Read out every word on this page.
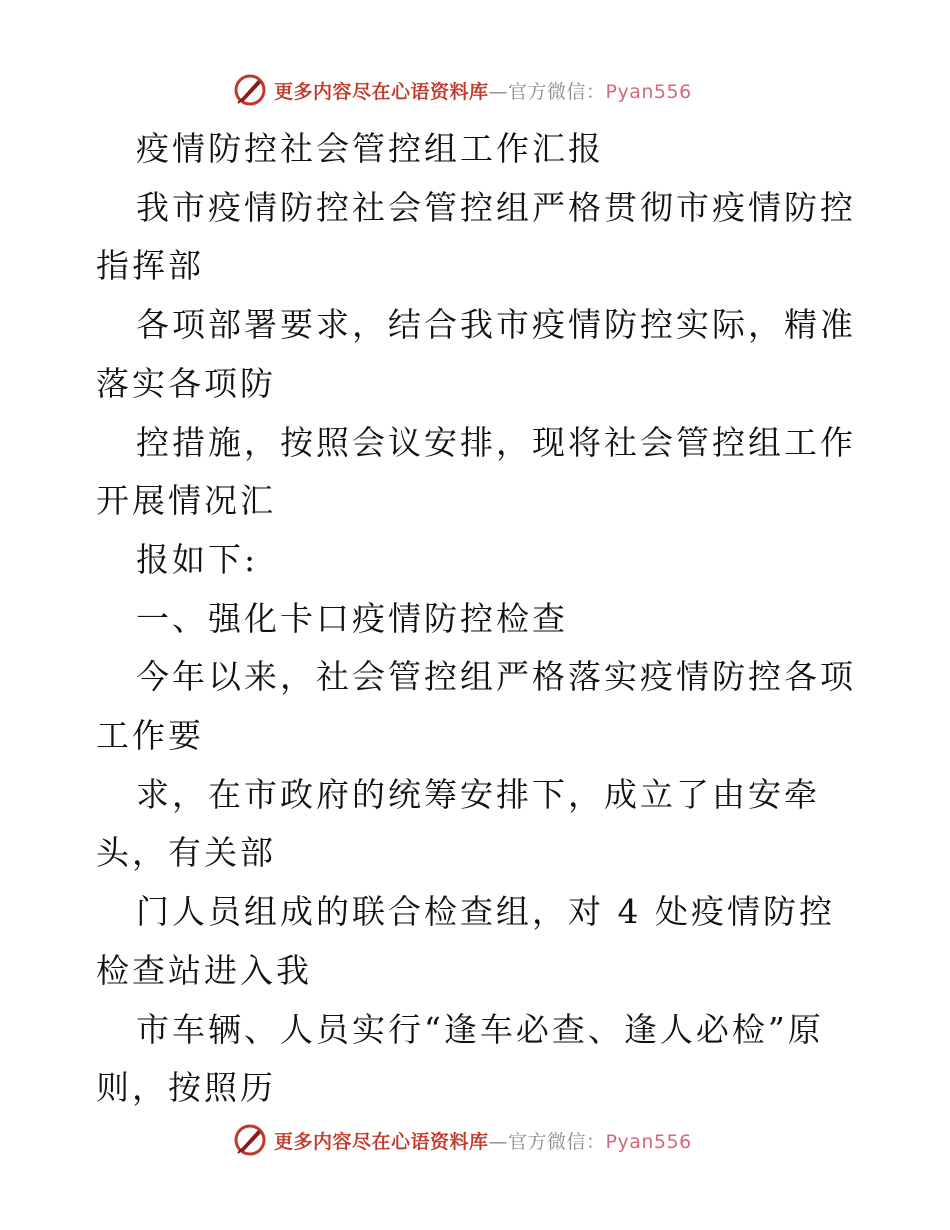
更多内容尽在心语资料库—官方微信：Pyan556

疫情防控社会管控组工作汇报

我市疫情防控社会管控组严格贯彻市疫情防控指挥部

各项部署要求，结合我市疫情防控实际，精准落实各项防

控措施，按照会议安排，现将社会管控组工作开展情况汇

报如下:

一、强化卡口疫情防控检查

今年以来，社会管控组严格落实疫情防控各项工作要

求，在市政府的统筹安排下，成立了由安牵头，有关部

门人员组成的联合检查组，对 4 处疫情防控检查站进入我

市车辆、人员实行“逢车必查、逢人必检”原则，按照历

更多内容尽在心语资料库—官方微信：Pyan556
